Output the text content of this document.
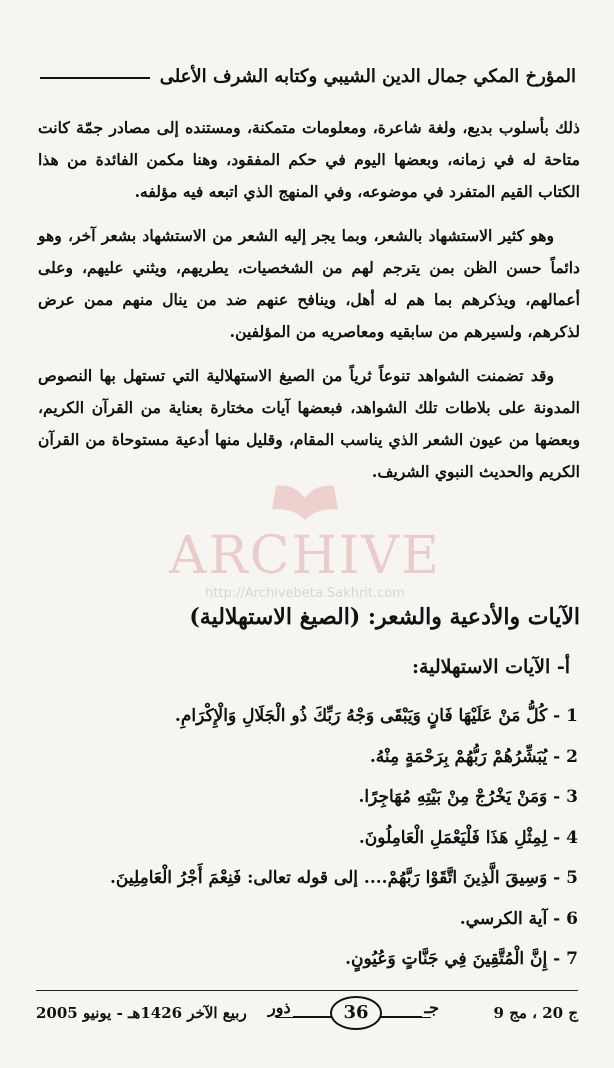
المؤرخ المكي جمال الدين الشيبي وكتابه الشرف الأعلى

ذلك بأسلوب بديع، ولغة شاعرة، ومعلومات متمكنة، ومستنده إلى مصادر جمّة كانت متاحة له في زمانه، وبعضها اليوم في حكم المفقود، وهنا مكمن الفائدة من هذا الكتاب القيم المتفرد في موضوعه، وفي المنهج الذي اتبعه فيه مؤلفه.

وهو كثير الاستشهاد بالشعر، وبما يجر إليه الشعر من الاستشهاد بشعر آخر، وهو دائماً حسن الظن بمن يترجم لهم من الشخصيات، يطريهم، ويثني عليهم، وعلى أعمالهم، ويذكرهم بما هم له أهل، وينافح عنهم ضد من ينال منهم ممن عرض لذكرهم، ولسيرهم من سابقيه ومعاصريه من المؤلفين.

وقد تضمنت الشواهد تنوعاً ثرياً من الصيغ الاستهلالية التي تستهل بها النصوص المدونة على بلاطات تلك الشواهد، فبعضها آيات مختارة بعناية من القرآن الكريم، وبعضها من عيون الشعر الذي يناسب المقام، وقليل منها أدعية مستوحاة من القرآن الكريم والحديث النبوي الشريف.

ARCHIVE
http://Archivebeta.Sakhrit.com
الآيات والأدعية والشعر: (الصيغ الاستهلالية)
أ- الآيات الاستهلالية:
1 - كُلُّ مَنْ عَلَيْهَا فَانٍ وَيَبْقَى وَجْهُ رَبِّكَ ذُو الْجَلَالِ وَالْإِكْرَامِ.
2 - يُبَشِّرُهُمْ رَبُّهُمْ بِرَحْمَةٍ مِنْهُ.
3 - وَمَنْ يَخْرُجْ مِنْ بَيْتِهِ مُهَاجِرًا.
4 - لِمِثْلِ هَذَا فَلْيَعْمَلِ الْعَامِلُونَ.
5 - وَسِيقَ الَّذِينَ اتَّقَوْا رَبَّهُمْ.... إلى قوله تعالى: فَنِعْمَ أَجْرُ الْعَامِلِينَ.
6 - آية الكرسي.
7 - إِنَّ الْمُتَّقِينَ فِي جَنَّاتٍ وَعُيُونٍ.
ج 20 ، مج 9
ذور	36	جـ
ربيع الآخر 1426هـ - يونيو 2005
